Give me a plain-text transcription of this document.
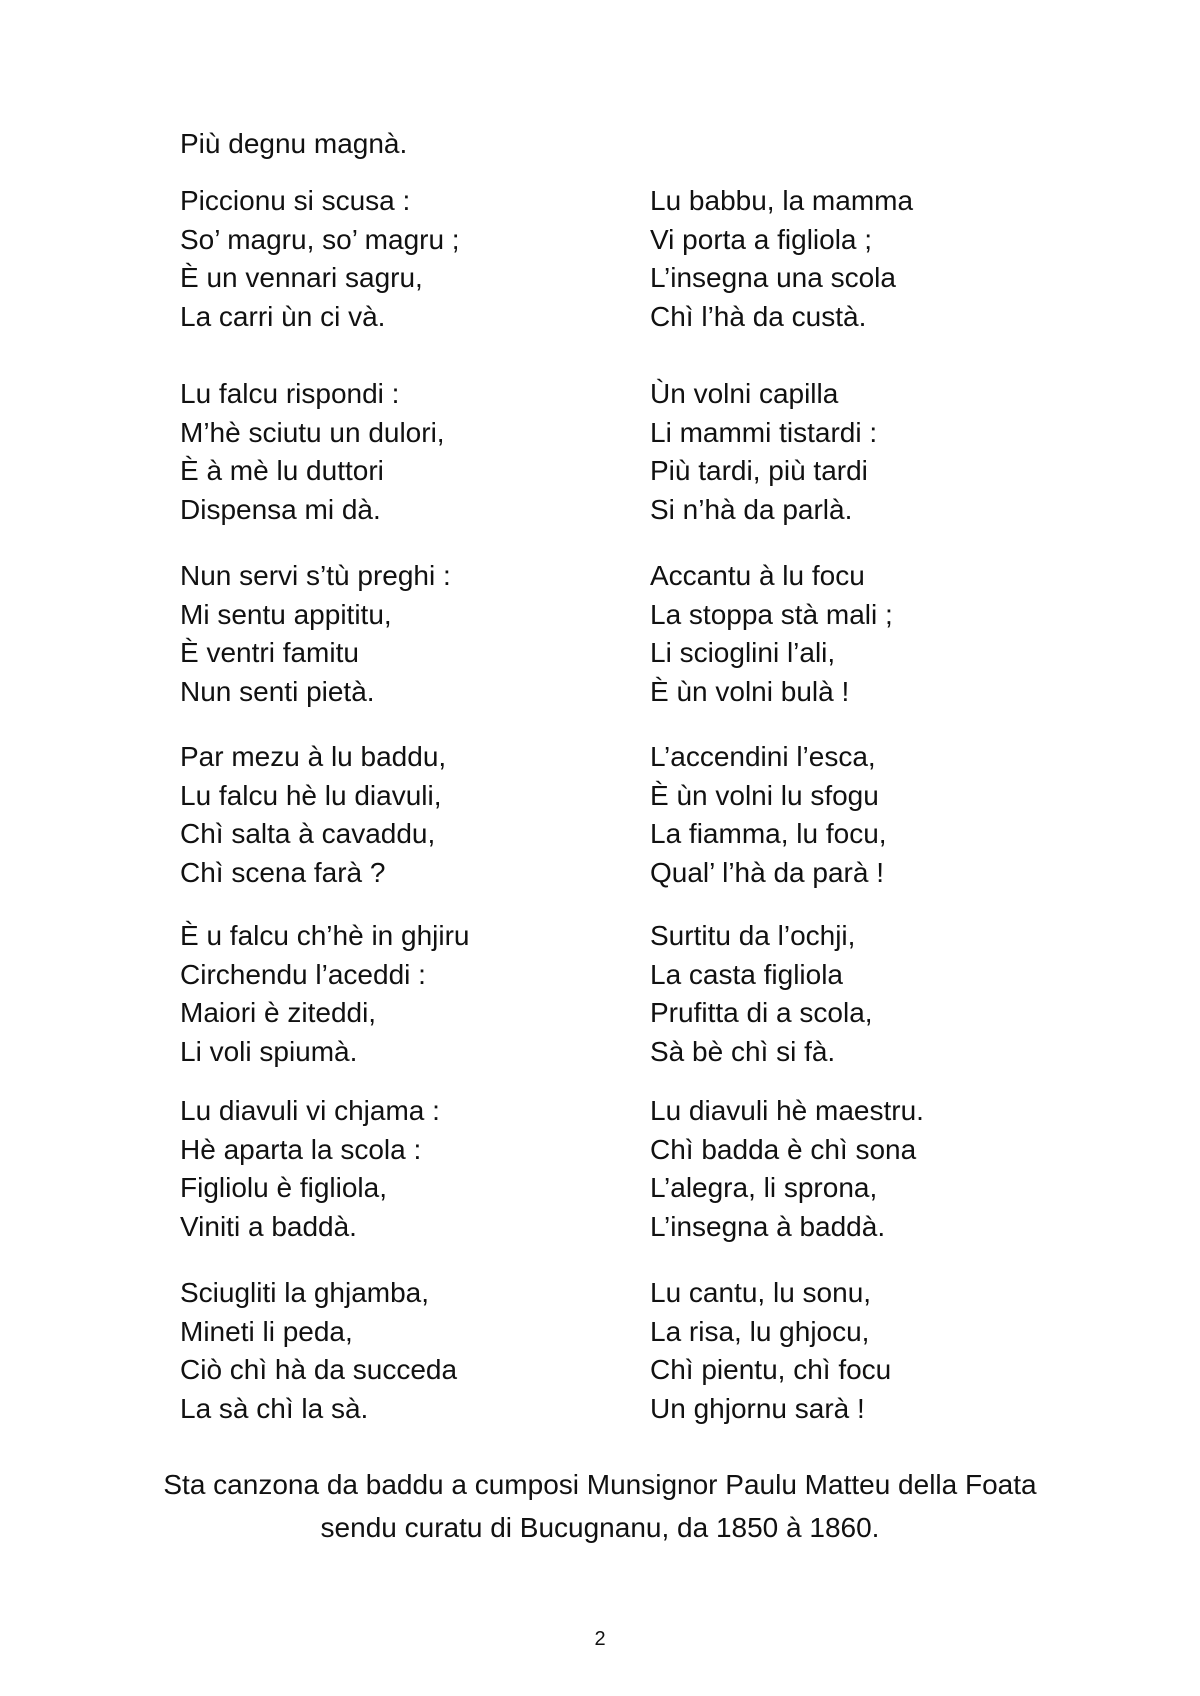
Più degnu magnà.
Piccionu si scusa :
So’ magru, so’ magru ;
È un vennari sagru,
La carri ùn ci và.
Lu falcu rispondi :
M’hè sciutu un dulori,
È à mè lu duttori
Dispensa mi dà.
Nun servi s’tù preghi :
Mi sentu appititu,
È ventri famitu
Nun senti pietà.
Par mezu à lu baddu,
Lu falcu hè lu diavuli,
Chì salta à cavaddu,
Chì scena farà ?
È u falcu ch’hè in ghjiru
Circhendu l’aceddi :
Maiori è ziteddi,
Li voli spiumà.
Lu diavuli vi chjama :
Hè aparta la scola :
Figliolu è figliola,
Viniti a baddà.
Sciugliti la ghjamba,
Mineti li peda,
Ciò chì hà da succeda
La sà chì la sà.
Lu babbu, la mamma
Vi porta a figliola ;
L’insegna una scola
Chì l’hà da custà.
Ùn volni capilla
Li mammi tistardi :
Più tardi, più tardi
Si n’hà da parlà.
Accantu à lu focu
La stoppa stà mali ;
Li scioglini l’ali,
È ùn volni bulà !
L’accendini l’esca,
È ùn volni lu sfogu
La fiamma, lu focu,
Qual’ l’hà da parà !
Surtitu da l’ochji,
La casta figliola
Prufitta di a scola,
Sà bè chì si fà.
Lu diavuli hè maestru.
Chì badda è chì sona
L’alegra, li sprona,
L’insegna à baddà.
Lu cantu, lu sonu,
La risa, lu ghjocu,
Chì pientu, chì focu
Un ghjornu sarà !
Sta canzona da baddu a cumposi Munsignor Paulu Matteu della Foata
sendu curatu di Bucugnanu, da 1850 à 1860.
2
